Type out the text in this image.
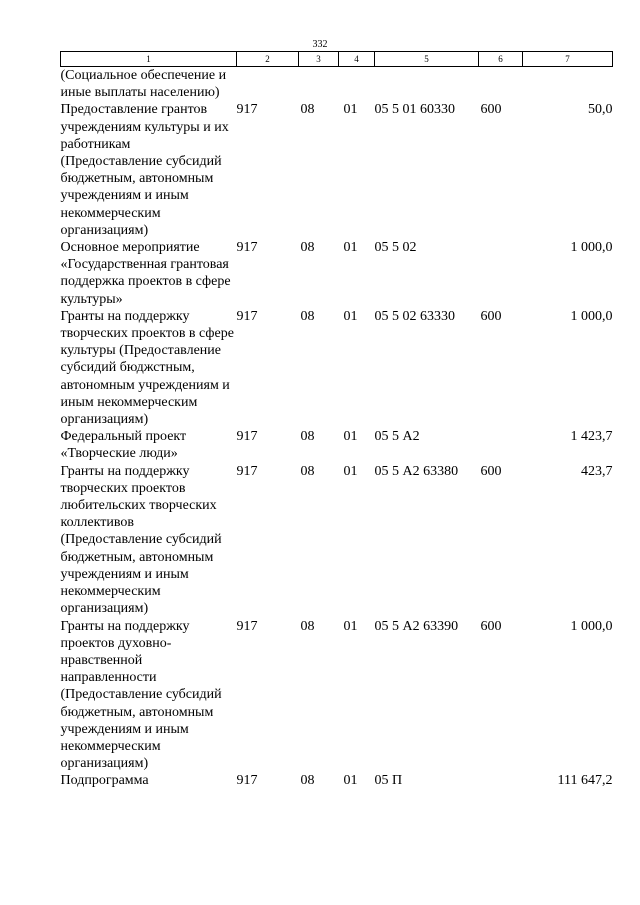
332
1	2	3	4	5	6	7
(Социальное обеспечение и иные выплаты населению)						
Предоставление грантов учреждениям культуры и их работникам (Предоставление субсидий бюджетным, автономным учреждениям и иным некоммерческим организациям)	917	08	01	05 5 01 60330	600	50,0
Основное мероприятие «Государственная грантовая поддержка проектов в сфере культуры»	917	08	01	05 5 02		1 000,0
Гранты на поддержку творческих проектов в сфере культуры (Предоставление субсидий бюджстным, автономным учреждениям и иным некоммерческим организациям)	917	08	01	05 5 02 63330	600	1 000,0
Федеральный проект «Творческие люди»	917	08	01	05 5 А2		1 423,7
Гранты на поддержку творческих проектов любительских творческих коллективов (Предоставление субсидий бюджетным, автономным учреждениям и иным некоммерческим организациям)	917	08	01	05 5 А2 63380	600	423,7
Гранты на поддержку проектов духовно-нравственной направленности (Предоставление субсидий бюджетным, автономным учреждениям и иным некоммерческим организациям)	917	08	01	05 5 А2 63390	600	1 000,0
Подпрограмма	917	08	01	05 П		111 647,2
